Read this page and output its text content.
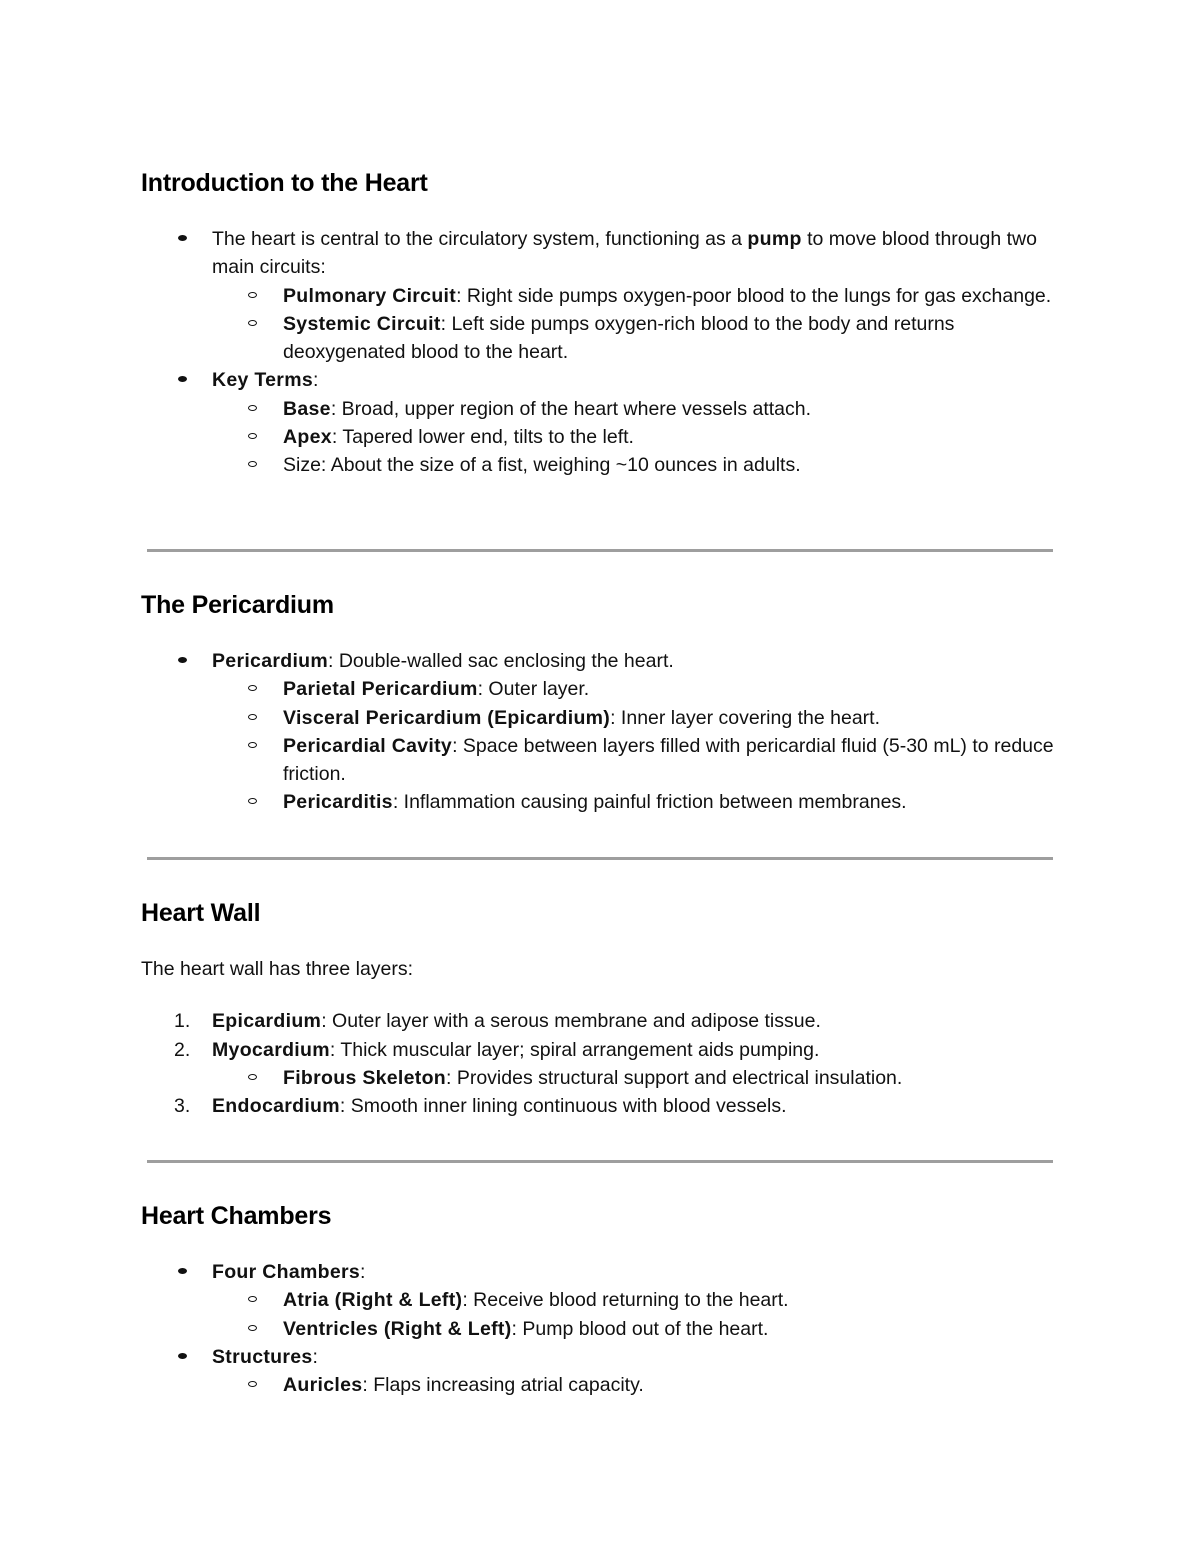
Introduction to the Heart
The heart is central to the circulatory system, functioning as a pump to move blood through two main circuits:
Pulmonary Circuit: Right side pumps oxygen-poor blood to the lungs for gas exchange.
Systemic Circuit: Left side pumps oxygen-rich blood to the body and returns deoxygenated blood to the heart.
Key Terms:
Base: Broad, upper region of the heart where vessels attach.
Apex: Tapered lower end, tilts to the left.
Size: About the size of a fist, weighing ~10 ounces in adults.
The Pericardium
Pericardium: Double-walled sac enclosing the heart.
Parietal Pericardium: Outer layer.
Visceral Pericardium (Epicardium): Inner layer covering the heart.
Pericardial Cavity: Space between layers filled with pericardial fluid (5-30 mL) to reduce friction.
Pericarditis: Inflammation causing painful friction between membranes.
Heart Wall

The heart wall has three layers:

1. Epicardium: Outer layer with a serous membrane and adipose tissue.
2. Myocardium: Thick muscular layer; spiral arrangement aids pumping.
Fibrous Skeleton: Provides structural support and electrical insulation.
3. Endocardium: Smooth inner lining continuous with blood vessels.
Heart Chambers
Four Chambers:
Atria (Right & Left): Receive blood returning to the heart.
Ventricles (Right & Left): Pump blood out of the heart.
Structures:
Auricles: Flaps increasing atrial capacity.
